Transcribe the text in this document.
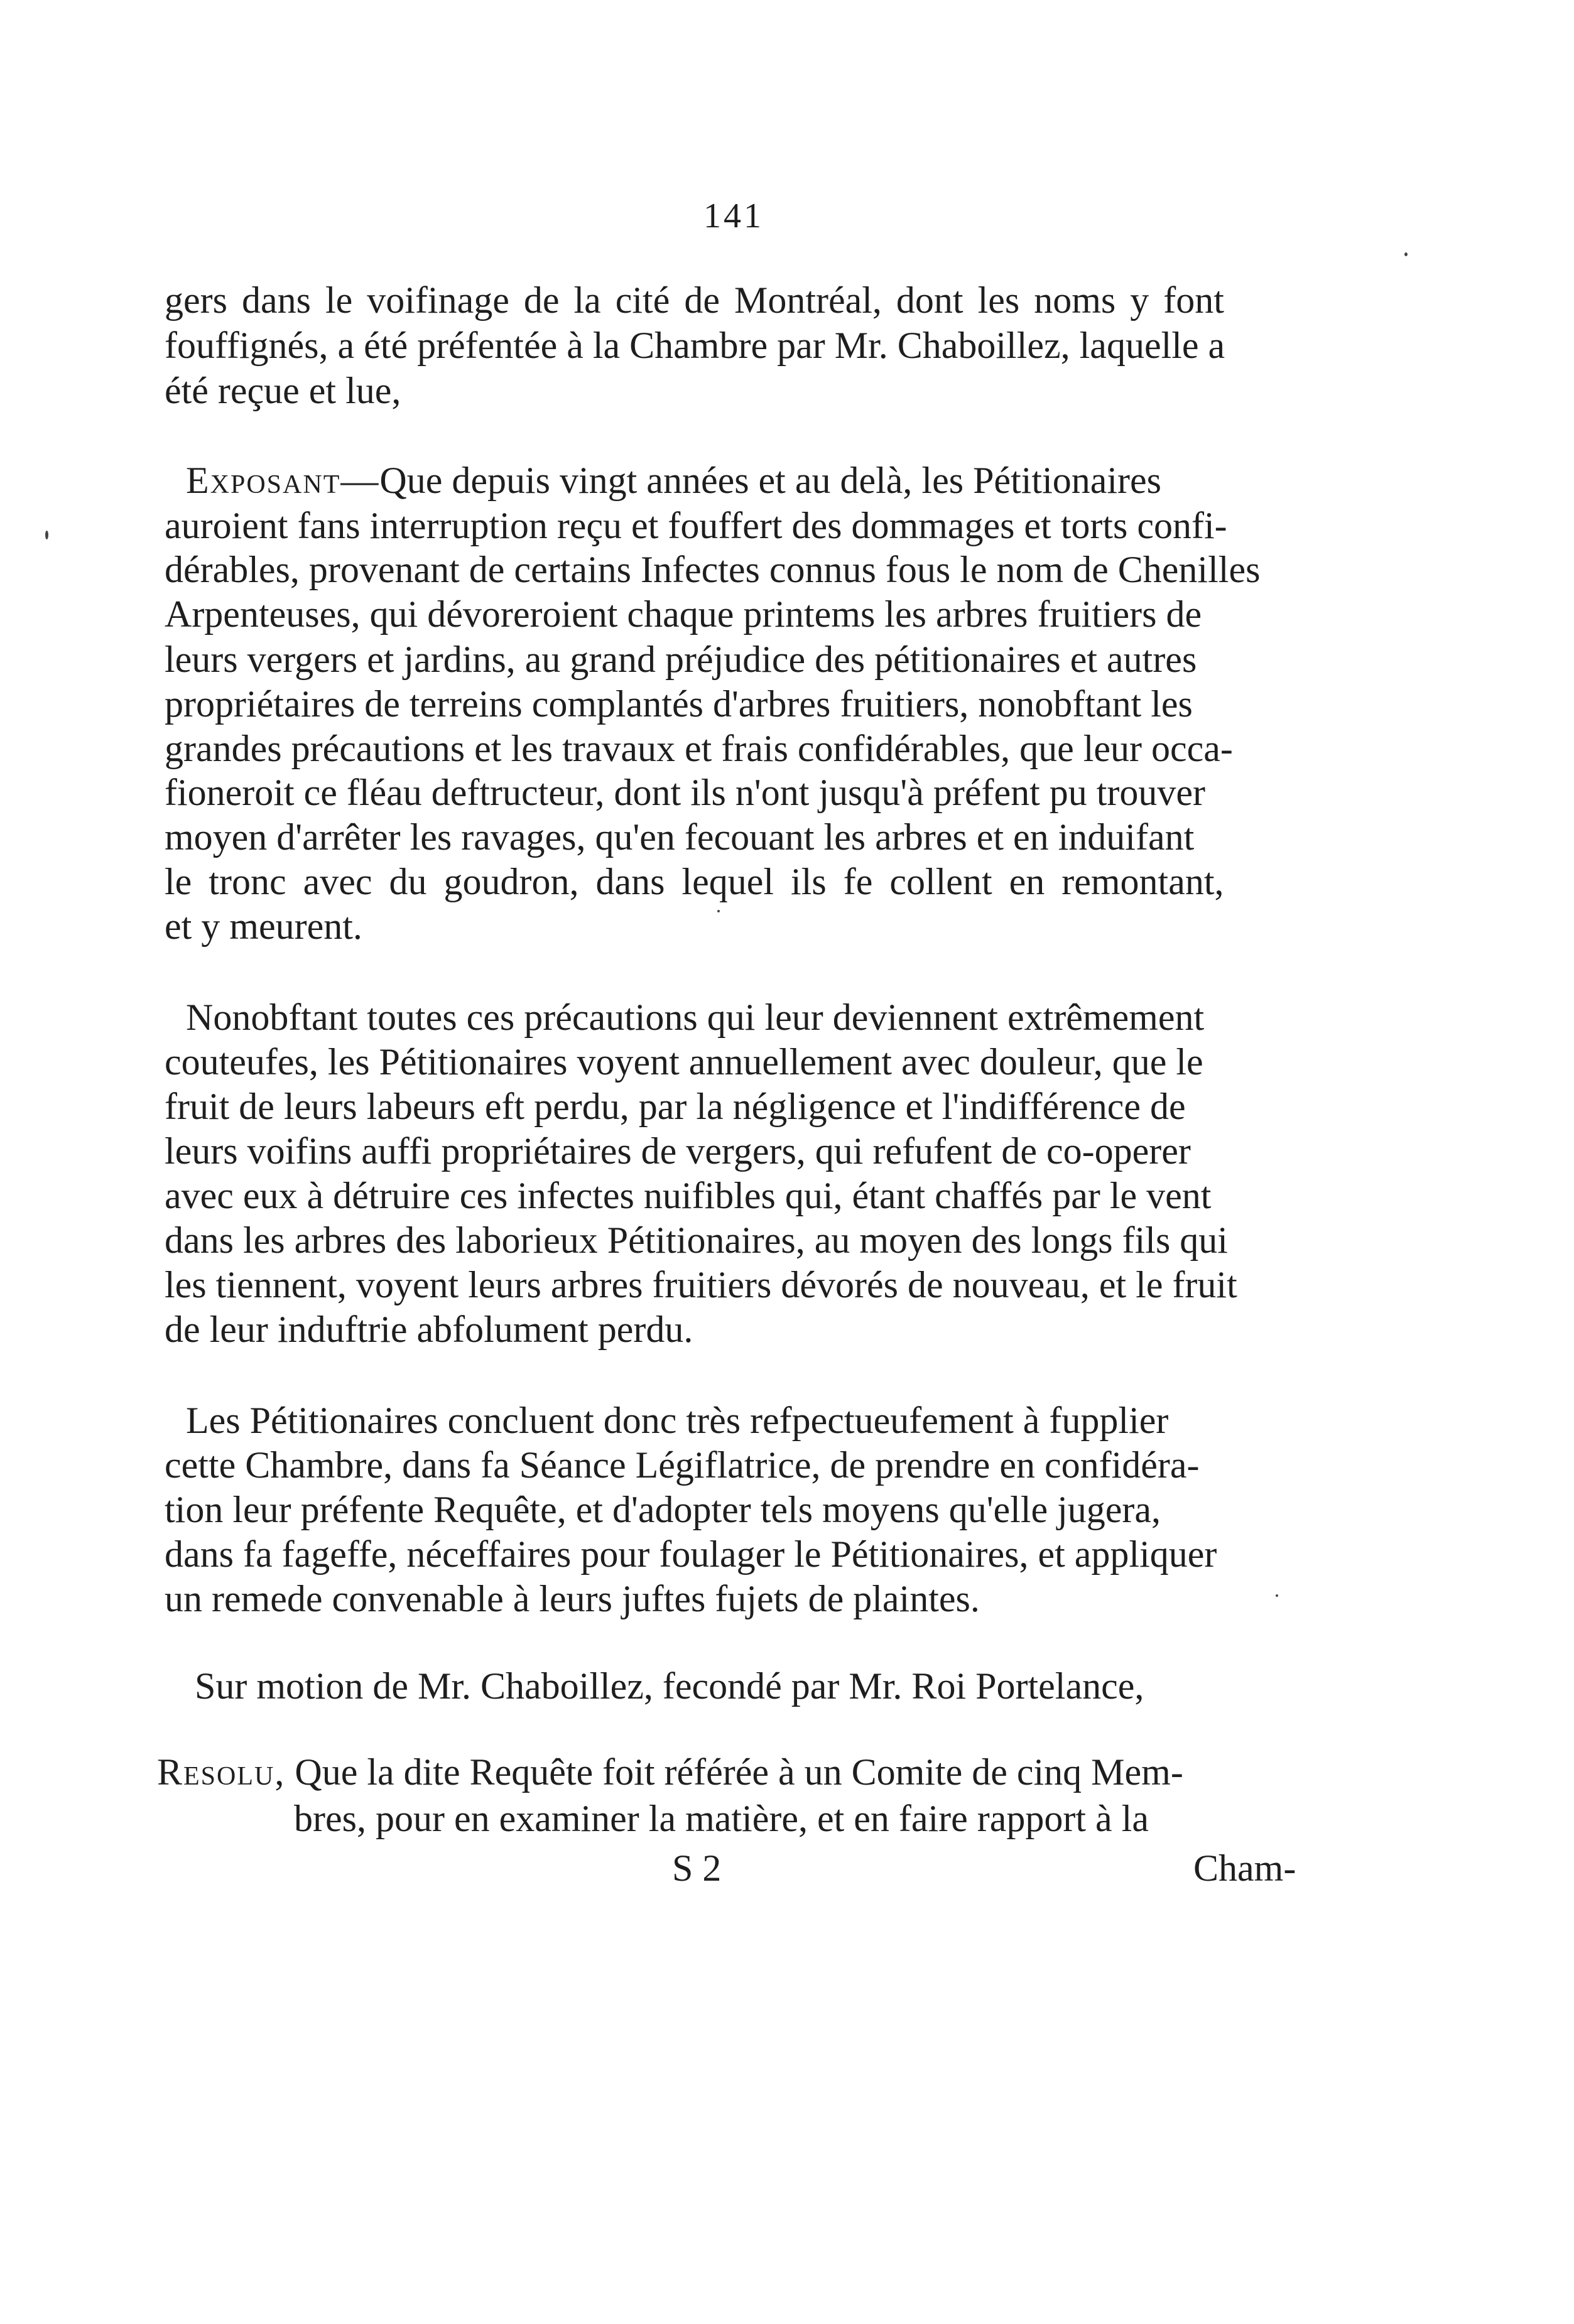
141
gers dans le voifinage de la cité de Montréal, dont les noms y font
fouffignés, a été préfentée à la Chambre par Mr. Chaboillez, laquelle a
été reçue et lue,
Exposant—Que depuis vingt années et au delà, les Pétitionaires
auroient fans interruption reçu et fouffert des dommages et torts confi-
dérables, provenant de certains Infectes connus fous le nom de Chenilles
Arpenteuses, qui dévoreroient chaque printems les arbres fruitiers de
leurs vergers et jardins, au grand préjudice des pétitionaires et autres
propriétaires de terreins complantés d'arbres fruitiers, nonobftant les
grandes précautions et les travaux et frais confidérables, que leur occa-
fioneroit ce fléau deftructeur, dont ils n'ont jusqu'à préfent pu trouver
moyen d'arrêter les ravages, qu'en fecouant les arbres et en induifant
le tronc avec du goudron, dans lequel ils fe collent en remontant,
et y meurent.
Nonobftant toutes ces précautions qui leur deviennent extrêmement
couteufes, les Pétitionaires voyent annuellement avec douleur, que le
fruit de leurs labeurs eft perdu, par la négligence et l'indifférence de
leurs voifins auffi propriétaires de vergers, qui refufent de co-operer
avec eux à détruire ces infectes nuifibles qui, étant chaffés par le vent
dans les arbres des laborieux Pétitionaires, au moyen des longs fils qui
les tiennent, voyent leurs arbres fruitiers dévorés de nouveau, et le fruit
de leur induftrie abfolument perdu.
Les Pétitionaires concluent donc très refpectueufement à fupplier
cette Chambre, dans fa Séance Légiflatrice, de prendre en confidéra-
tion leur préfente Requête, et d'adopter tels moyens qu'elle jugera,
dans fa fageffe, néceffaires pour foulager le Pétitionaires, et appliquer
un remede convenable à leurs juftes fujets de plaintes.
Sur motion de Mr. Chaboillez, fecondé par Mr. Roi Portelance,
Resolu, Que la dite Requête foit référée à un Comite de cinq Mem-
bres, pour en examiner la matière, et en faire rapport à la
S 2	Cham-
